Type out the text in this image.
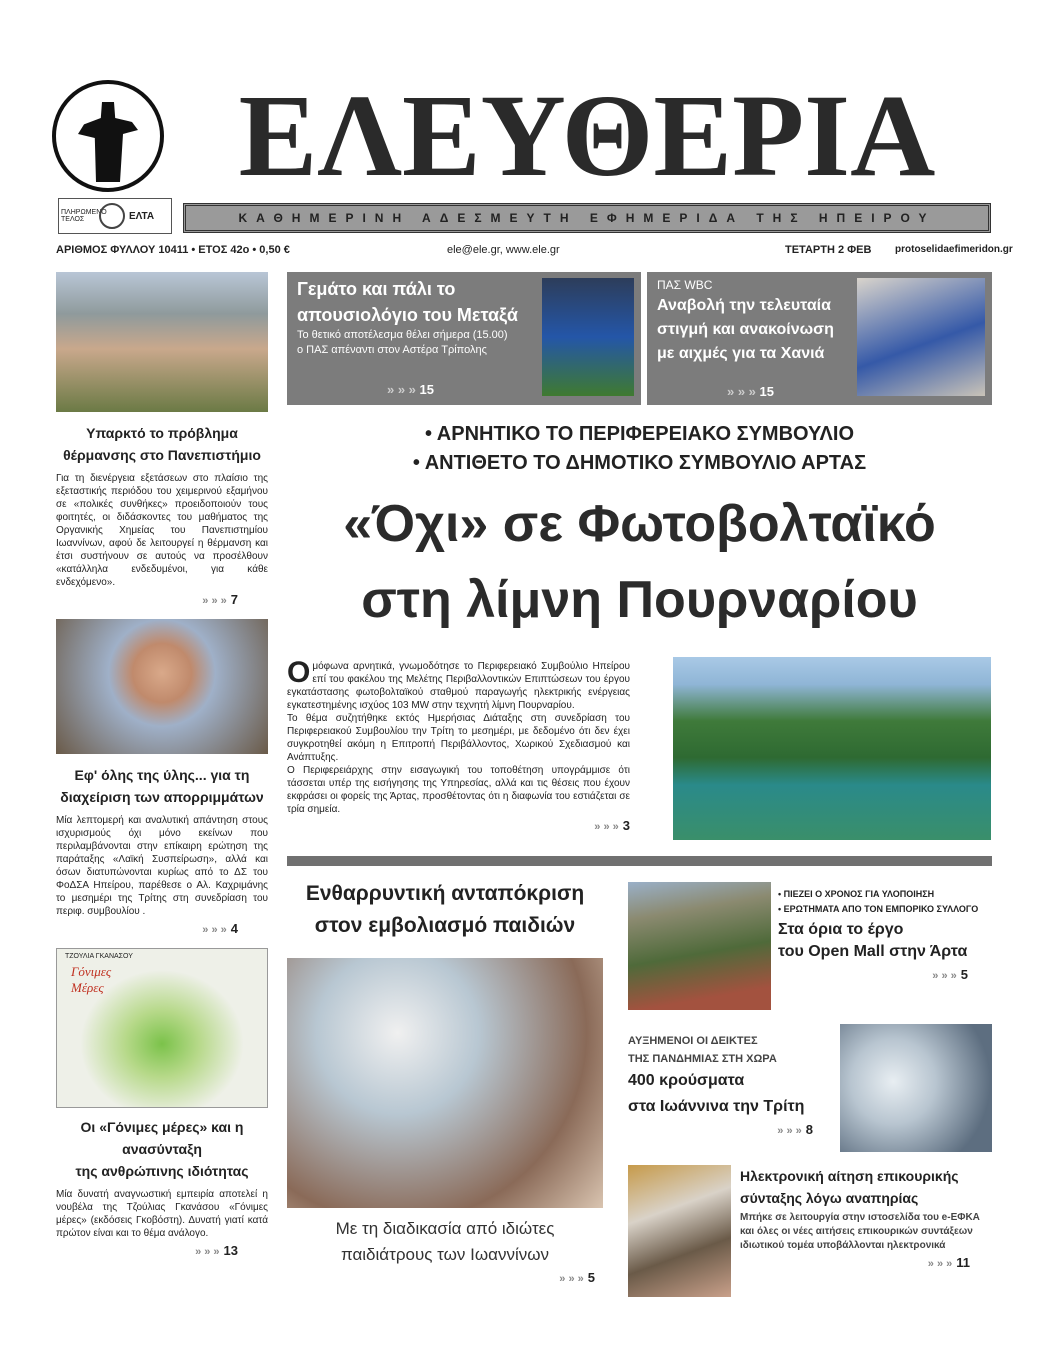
ΕΛΕΥΘΕΡΙΑ
ΠΛΗΡΩΜΕΝΟ ΤΕΛΟΣ	ΕΛΤΑ	ΚΑΘΗΜΕΡΙΝΗ ΑΔΕΣΜΕΥΤΗ ΕΦΗΜΕΡΙΔΑ ΤΗΣ ΗΠΕΙΡΟΥ
ΑΡΙΘΜΟΣ ΦΥΛΛΟΥ 10411 • ΕΤΟΣ 42ο • 0,50 €	ele@ele.gr, www.ele.gr	ΤΕΤΑΡΤΗ 2 ΦΕΒ protoselidaefimeridon.gr
Γεμάτο και πάλι το
απουσιολόγιο του Μεταξά
Το θετικό αποτέλεσμα θέλει σήμερα (15.00)
ο ΠΑΣ απέναντι στον Αστέρα Τρίπολης
» » » 15
ΠΑΣ WBC
Αναβολή την τελευταία
στιγμή και ανακοίνωση
με αιχμές για τα Χανιά
» » » 15
Υπαρκτό το πρόβλημα
θέρμανσης στο Πανεπιστήμιο
Για τη διενέργεια εξετάσεων στο πλαίσιο της εξεταστικής περιόδου του χειμερινού εξαμήνου σε «πολικές συνθήκες» προειδοποιούν τους φοιτητές, οι διδάσκοντες του μαθήματος της Οργανικής Χημείας του Πανεπιστημίου Ιωαννίνων, αφού δε λειτουργεί η θέρμανση και έτσι συστήνουν σε αυτούς να προσέλθουν «κατάλληλα ενδεδυμένοι, για κάθε ενδεχόμενο».
» » » 7
Εφ' όλης της ύλης... για τη
διαχείριση των απορριμμάτων
Μία λεπτομερή και αναλυτική απάντηση στους ισχυρισμούς όχι μόνο εκείνων που περιλαμβάνονται στην επίκαιρη ερώτηση της παράταξης «Λαϊκή Συσπείρωση», αλλά και όσων διατυπώνονται κυρίως από το ΔΣ του ΦοΔΣΑ Ηπείρου, παρέθεσε ο Αλ. Καχριμάνης το μεσημέρι της Τρίτης στη συνεδρίαση του περιφ. συμβουλίου .
» » » 4
ΤΖΟΥΛΙΑ ΓΚΑΝΑΣΟΥ
Γόνιμες Μέρες
Οι «Γόνιμες μέρες» και η ανασύνταξη
της ανθρώπινης ιδιότητας
Μία δυνατή αναγνωστική εμπειρία αποτελεί η νουβέλα της Τζούλιας Γκανάσου «Γόνιμες μέρες» (εκδόσεις Γκοβόστη). Δυνατή γιατί κατά πρώτον είναι και το θέμα ανάλογο.
» » » 13
• ΑΡΝΗΤΙΚΟ ΤΟ ΠΕΡΙΦΕΡΕΙΑΚΟ ΣΥΜΒΟΥΛΙΟ
• ΑΝΤΙΘΕΤΟ ΤΟ ΔΗΜΟΤΙΚΟ ΣΥΜΒΟΥΛΙΟ ΑΡΤΑΣ
«Όχι» σε Φωτοβολταϊκό
στη λίμνη Πουρναρίου
Ομόφωνα αρνητικά, γνωμοδότησε το Περιφερειακό Συμβούλιο Ηπείρου επί του φακέλου της Μελέτης Περιβαλλοντικών Επιπτώσεων του έργου εγκατάστασης φωτοβολταϊκού σταθμού παραγωγής ηλεκτρικής ενέργειας εγκατεστημένης ισχύος 103 MW στην τεχνητή λίμνη Πουρναρίου.
Το θέμα συζητήθηκε εκτός Ημερήσιας Διάταξης στη συνεδρίαση του Περιφερειακού Συμβουλίου την Τρίτη το μεσημέρι, με δεδομένο ότι δεν έχει συγκροτηθεί ακόμη η Επιτροπή Περιβάλλοντος, Χωρικού Σχεδιασμού και Ανάπτυξης.
Ο Περιφερειάρχης στην εισαγωγική του τοποθέτηση υπογράμμισε ότι τάσσεται υπέρ της εισήγησης της Υπηρεσίας, αλλά και τις θέσεις που έχουν εκφράσει οι φορείς της Άρτας, προσθέτοντας ότι η διαφωνία του εστιάζεται σε τρία σημεία.
» » » 3
Ενθαρρυντική ανταπόκριση
στον εμβολιασμό παιδιών
Με τη διαδικασία από ιδιώτες
παιδιάτρους των Ιωαννίνων
» » » 5
• ΠΙΕΖΕΙ Ο ΧΡΟΝΟΣ ΓΙΑ ΥΛΟΠΟΙΗΣΗ
• ΕΡΩΤΗΜΑΤΑ ΑΠΟ ΤΟΝ ΕΜΠΟΡΙΚΟ ΣΥΛΛΟΓΟ
Στα όρια το έργο
του Open Mall στην Άρτα
» » » 5
ΑΥΞΗΜΕΝΟΙ ΟΙ ΔΕΙΚΤΕΣ
ΤΗΣ ΠΑΝΔΗΜΙΑΣ ΣΤΗ ΧΩΡΑ
400 κρούσματα
στα Ιωάννινα την Τρίτη
» » » 8
Ηλεκτρονική αίτηση επικουρικής
σύνταξης λόγω αναπηρίας
Μπήκε σε λειτουργία στην ιστοσελίδα του e-ΕΦΚΑ
και όλες οι νέες αιτήσεις επικουρικών συντάξεων
ιδιωτικού τομέα υποβάλλονται ηλεκτρονικά
» » » 11
